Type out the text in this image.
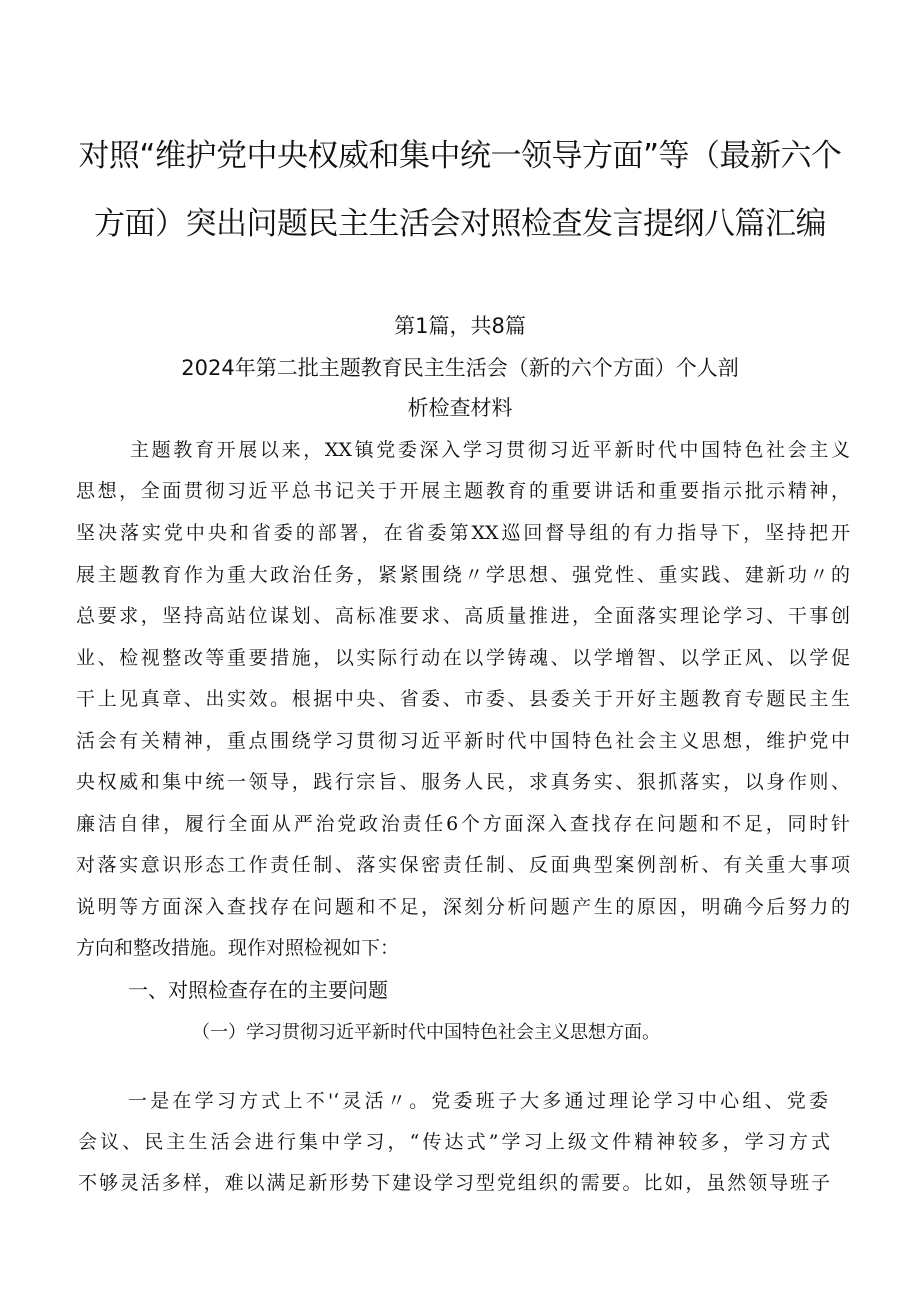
对照“维护党中央权威和集中统一领导方面”等（最新六个
方面）突出问题民主生活会对照检查发言提纲八篇汇编
第1篇，共8篇
2024年第二批主题教育民主生活会（新的六个方面）个人剖
析检查材料
主题教育开展以来，XX镇党委深入学习贯彻习近平新时代中国特色社会主义
思想，全面贯彻习近平总书记关于开展主题教育的重要讲话和重要指示批示精神，
坚决落实党中央和省委的部署，在省委第XX巡回督导组的有力指导下，坚持把开
展主题教育作为重大政治任务，紧紧围绕〃学思想、强党性、重实践、建新功〃的
总要求，坚持高站位谋划、高标准要求、高质量推进，全面落实理论学习、干事创
业、检视整改等重要措施，以实际行动在以学铸魂、以学增智、以学正风、以学促
干上见真章、出实效。根据中央、省委、市委、县委关于开好主题教育专题民主生
活会有关精神，重点围绕学习贯彻习近平新时代中国特色社会主义思想，维护党中
央权威和集中统一领导，践行宗旨、服务人民，求真务实、狠抓落实，以身作则、
廉洁自律，履行全面从严治党政治责任6个方面深入查找存在问题和不足，同时针
对落实意识形态工作责任制、落实保密责任制、反面典型案例剖析、有关重大事项
说明等方面深入查找存在问题和不足，深刻分析问题产生的原因，明确今后努力的
方向和整改措施。现作对照检视如下：
一、对照检查存在的主要问题
（一）学习贯彻习近平新时代中国特色社会主义思想方面。
一是在学习方式上不'‘灵活〃。党委班子大多通过理论学习中心组、党委
会议、民主生活会进行集中学习，“传达式”学习上级文件精神较多，学习方式
不够灵活多样，难以满足新形势下建设学习型党组织的需要。比如，虽然领导班子
